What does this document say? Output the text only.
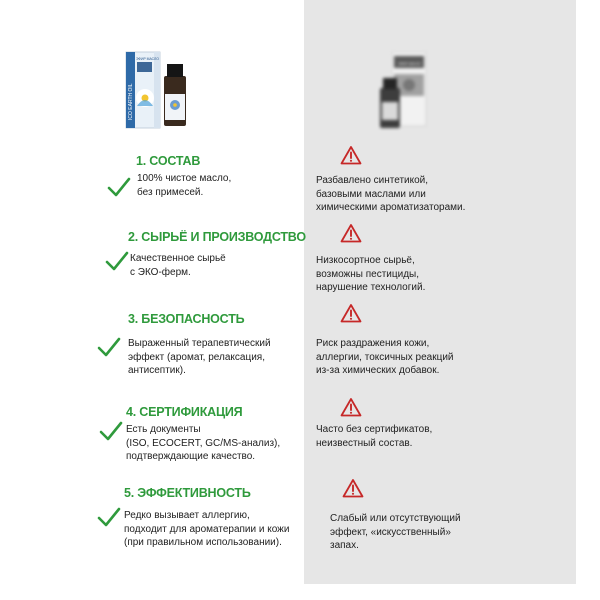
ICO EARTH OIL
ЭФИР МАСЛО
ЭФИР МАСЛО
1. СОСТАВ
100% чистое масло,
без примесей.
Разбавлено синтетикой,
базовыми маслами или
химическими ароматизаторами.
2. СЫРЬЁ И ПРОИЗВОДСТВО
Качественное сырьё
с ЭКО-ферм.
Низкосортное сырьё,
возможны пестициды,
нарушение технологий.
3. БЕЗОПАСНОСТЬ
Выраженный терапевтический
эффект (аромат, релаксация,
антисептик).
Риск раздражения кожи,
аллергии, токсичных реакций
из-за химических добавок.
4. СЕРТИФИКАЦИЯ
Есть документы
(ISO, ECOCERT, GC/MS-анализ),
подтверждающие качество.
Часто без сертификатов,
неизвестный состав.
5. ЭФФЕКТИВНОСТЬ
Редко вызывает аллергию,
подходит для ароматерапии и кожи
(при правильном использовании).
Слабый или отсутствующий
эффект, «искусственный»
запах.
